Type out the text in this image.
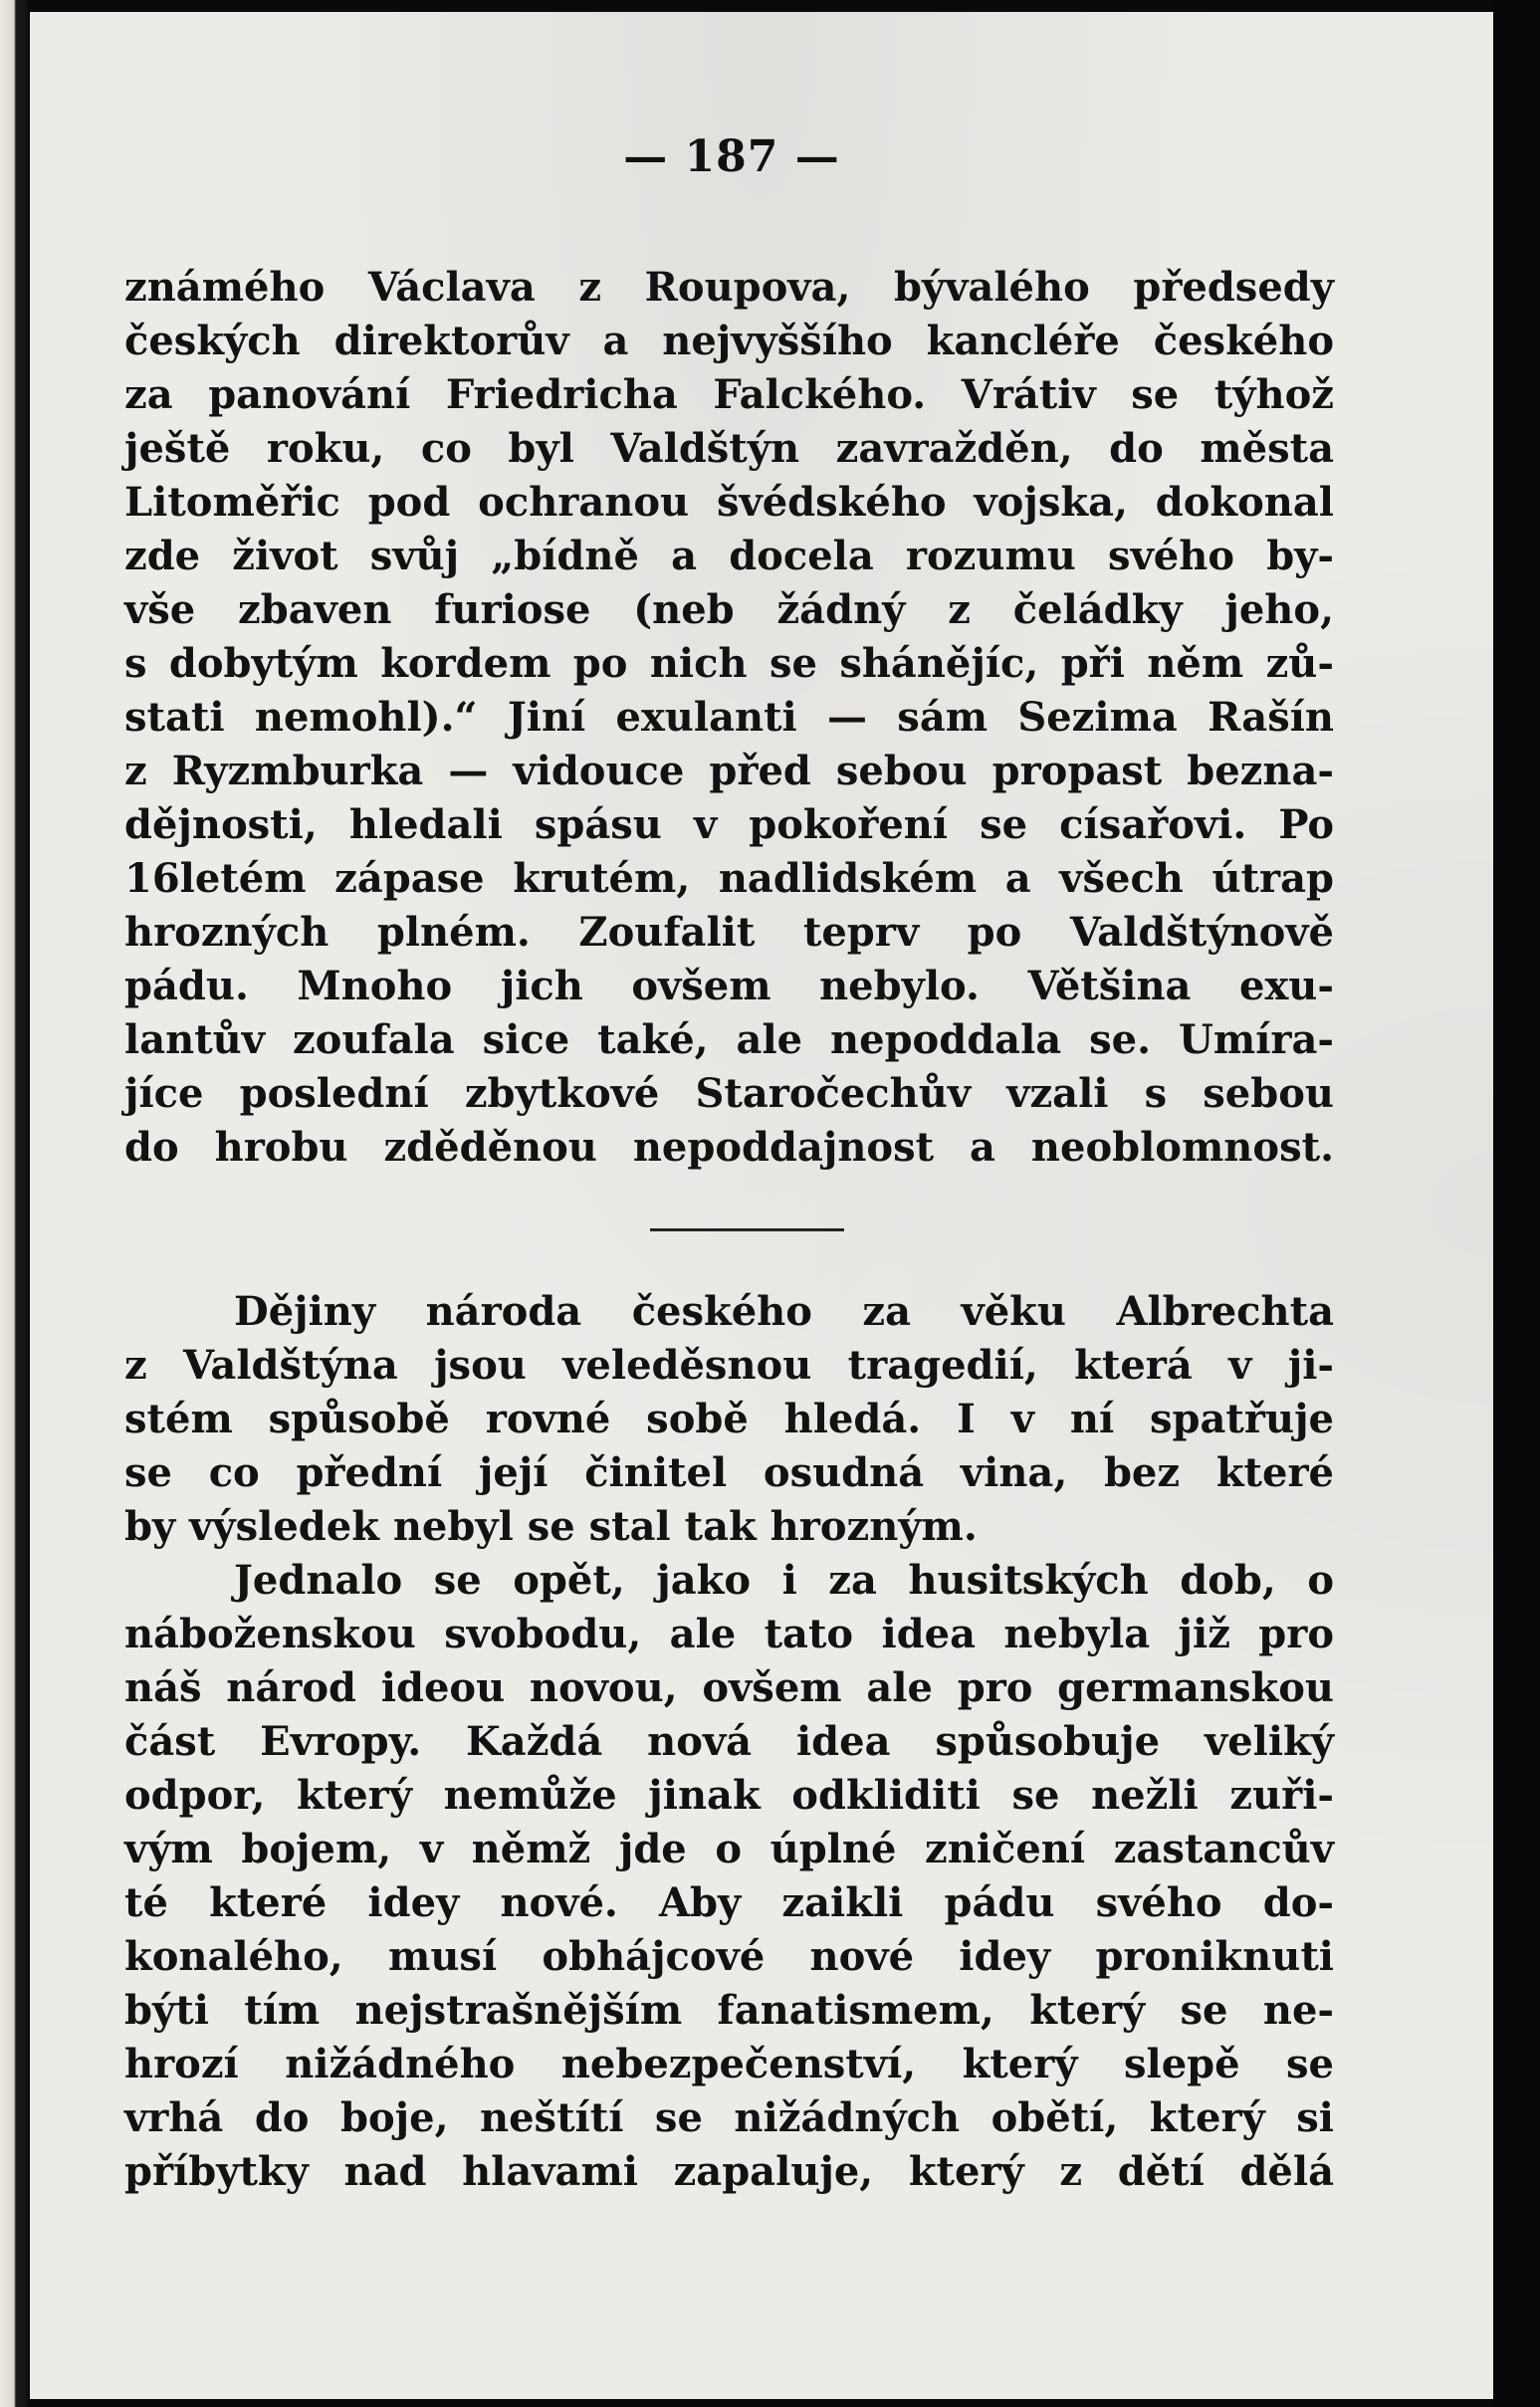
— 187 —
známého Václava z Roupova, bývalého předsedy
českých direktorův a nejvyššího kancléře českého
za panování Friedricha Falckého. Vrátiv se týhož
ještě roku, co byl Valdštýn zavražděn, do města
Litoměřic pod ochranou švédského vojska, dokonal
zde život svůj „bídně a docela rozumu svého by-
vše zbaven furiose (neb žádný z čeládky jeho,
s dobytým kordem po nich se shánějíc, při něm zů-
stati nemohl).“ Jiní exulanti — sám Sezima Rašín
z Ryzmburka — vidouce před sebou propast bezna-
dějnosti, hledali spásu v pokoření se císařovi. Po
16letém zápase krutém, nadlidském a všech útrap
hrozných plném. Zoufalit teprv po Valdštýnově
pádu. Mnoho jich ovšem nebylo. Většina exu-
lantův zoufala sice také, ale nepoddala se. Umíra-
jíce poslední zbytkové Staročechův vzali s sebou
do hrobu zděděnou nepoddajnost a neoblomnost.
Dějiny národa českého za věku Albrechta
z Valdštýna jsou veleděsnou tragedií, která v ji-
stém spůsobě rovné sobě hledá. I v ní spatřuje
se co přední její činitel osudná vina, bez které
by výsledek nebyl se stal tak hrozným.
Jednalo se opět, jako i za husitských dob, o
náboženskou svobodu, ale tato idea nebyla již pro
náš národ ideou novou, ovšem ale pro germanskou
část Evropy. Každá nová idea spůsobuje veliký
odpor, který nemůže jinak odkliditi se nežli zuři-
vým bojem, v němž jde o úplné zničení zastancův
té které idey nové. Aby zaikli pádu svého do-
konalého, musí obhájcové nové idey proniknuti
býti tím nejstrašnějším fanatismem, který se ne-
hrozí nižádného nebezpečenství, který slepě se
vrhá do boje, neštítí se nižádných obětí, který si
příbytky nad hlavami zapaluje, který z dětí dělá
